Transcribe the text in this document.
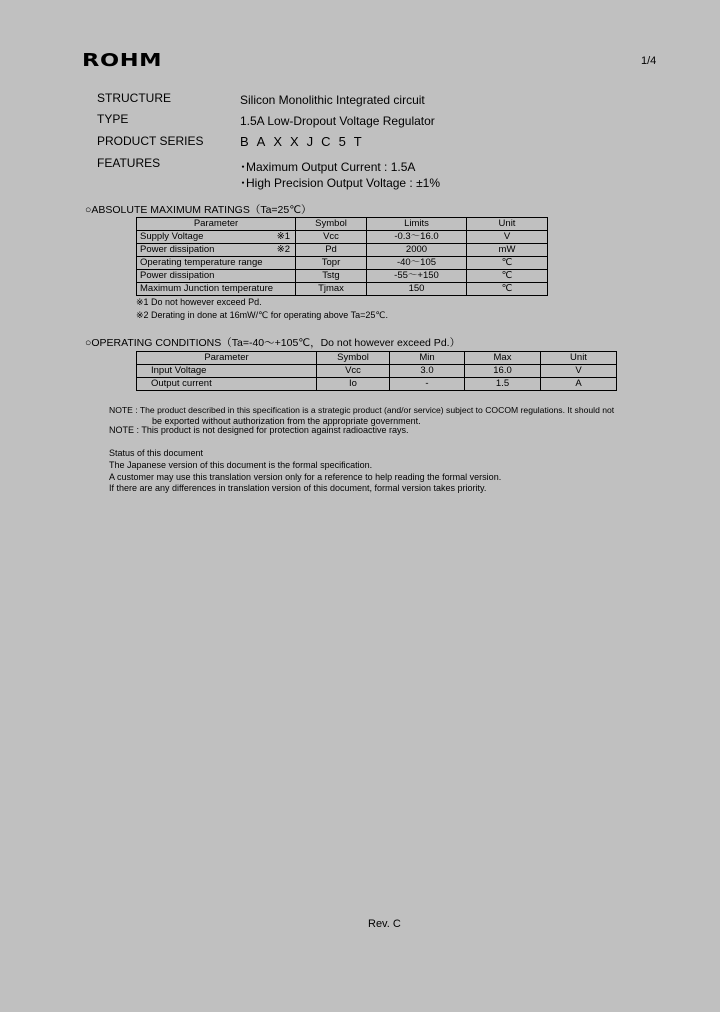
ROHM	1/4
STRUCTURE	Silicon Monolithic Integrated circuit
TYPE	1.5A Low-Dropout Voltage Regulator
PRODUCT SERIES	BAXXJC5T
FEATURES	･Maximum Output Current : 1.5A
･High Precision Output Voltage : ±1%
○ABSOLUTE MAXIMUM RATINGS（Ta=25℃）
Parameter	Symbol	Limits	Unit
Supply Voltage ※1	Vcc	-0.3～16.0	V
Power dissipation ※2	Pd	2000	mW
Operating temperature range	Topr	-40～105	℃
Power dissipation	Tstg	-55～+150	℃
Maximum Junction temperature	Tjmax	150	℃
※1 Do not however exceed Pd.
※2 Derating in done at 16mW/℃ for operating above Ta=25℃.
○OPERATING CONDITIONS（Ta=-40～+105℃，Do not however exceed Pd.）
Parameter	Symbol	Min	Max	Unit
Input Voltage	Vcc	3.0	16.0	V
Output current	Io	-	1.5	A
NOTE : The product described in this specification is a strategic product (and/or service) subject to COCOM regulations. It should not
be exported without authorization from the appropriate government.
NOTE : This product is not designed for protection against radioactive rays.
Status of this document
The Japanese version of this document is the formal specification.
A customer may use this translation version only for a reference to help reading the formal version.
If there are any differences in translation version of this document, formal version takes priority.
Rev. C
